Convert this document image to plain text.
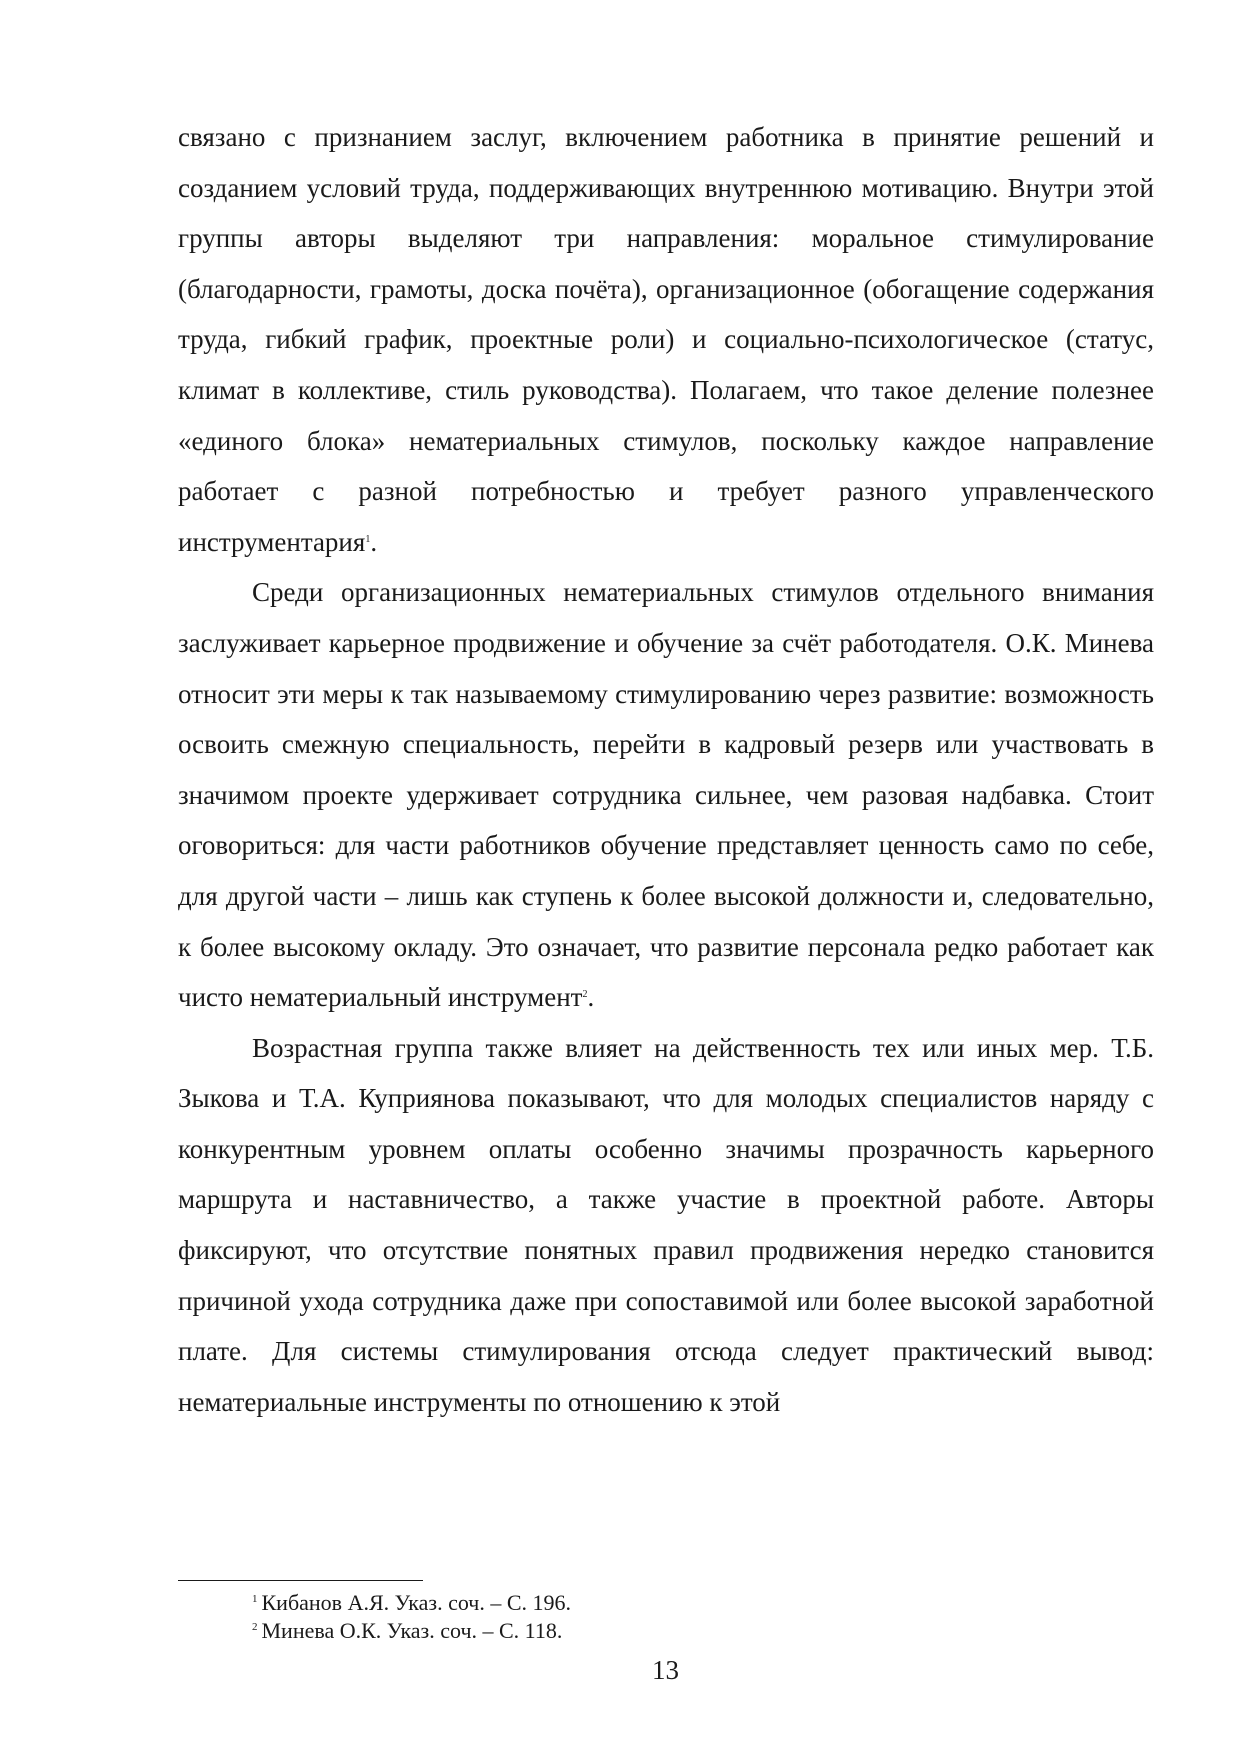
связано с признанием заслуг, включением работника в принятие решений и созданием условий труда, поддерживающих внутреннюю мотивацию. Внутри этой группы авторы выделяют три направления: моральное стимулирование (благодарности, грамоты, доска почёта), организационное (обогащение содержания труда, гибкий график, проектные роли) и социально-психологическое (статус, климат в коллективе, стиль руководства). Полагаем, что такое деление полезнее «единого блока» нематериальных стимулов, поскольку каждое направление работает с разной потребностью и требует разного управленческого инструментария$^1$.

Среди организационных нематериальных стимулов отдельного внимания заслуживает карьерное продвижение и обучение за счёт работодателя. О.К. Минева относит эти меры к так называемому стимулированию через развитие: возможность освоить смежную специальность, перейти в кадровый резерв или участвовать в значимом проекте удерживает сотрудника сильнее, чем разовая надбавка. Стоит оговориться: для части работников обучение представляет ценность само по себе, для другой части – лишь как ступень к более высокой должности и, следовательно, к более высокому окладу. Это означает, что развитие персонала редко работает как чисто нематериальный инструмент$^2$.

Возрастная группа также влияет на действенность тех или иных мер. Т.Б. Зыкова и Т.А. Куприянова показывают, что для молодых специалистов наряду с конкурентным уровнем оплаты особенно значимы прозрачность карьерного маршрута и наставничество, а также участие в проектной работе. Авторы фиксируют, что отсутствие понятных правил продвижения нередко становится причиной ухода сотрудника даже при сопоставимой или более высокой заработной плате. Для системы стимулирования отсюда следует практический вывод: нематериальные инструменты по отношению к этой

$^1$ Кибанов А.Я. Указ. соч. – С. 196.
$^2$ Минева О.К. Указ. соч. – С. 118.
13
